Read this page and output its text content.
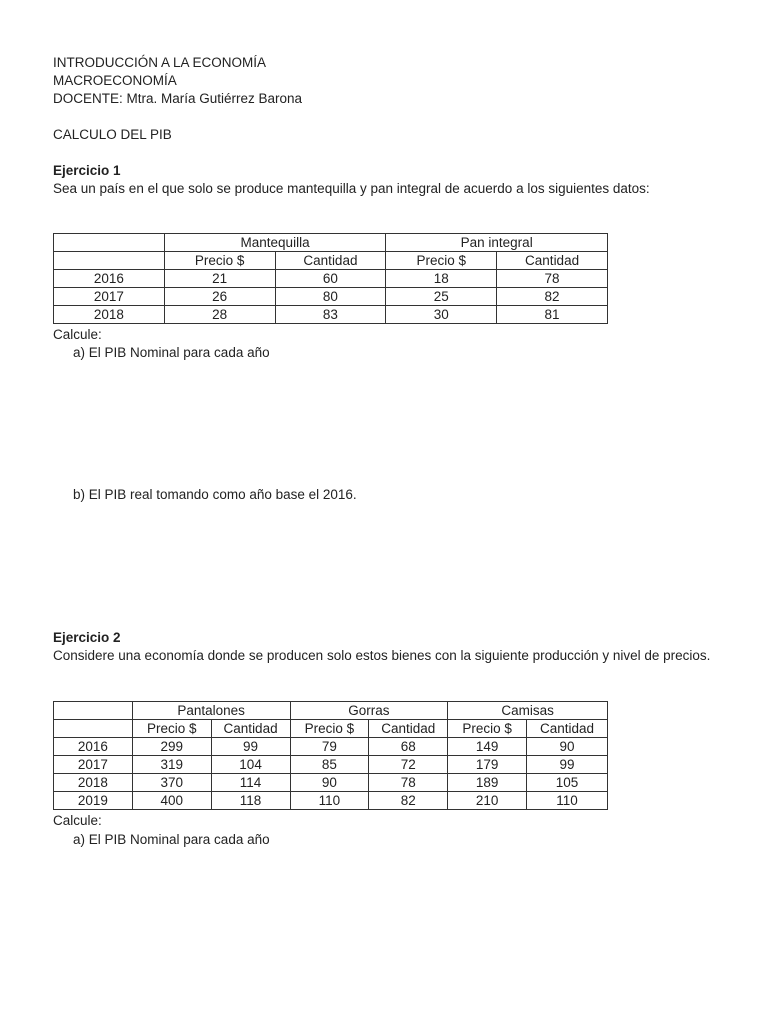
INTRODUCCIÓN A LA ECONOMÍA
MACROECONOMÍA
DOCENTE: Mtra. María Gutiérrez Barona
CALCULO DEL PIB
Ejercicio 1
Sea un país en el que solo se produce mantequilla y pan integral de acuerdo a los siguientes datos:
	Mantequilla		Pan integral	
	Precio $	Cantidad	Precio $	Cantidad
2016	21	60	18	78
2017	26	80	25	82
2018	28	83	30	81
Calcule:
a) El PIB Nominal para cada año
b) El PIB real tomando como año base el 2016.
Ejercicio 2
Considere una economía donde se producen solo estos bienes con la siguiente producción y nivel de precios.
	Pantalones		Gorras		Camisas	
	Precio $	Cantidad	Precio $	Cantidad	Precio $	Cantidad
2016	299	99	79	68	149	90
2017	319	104	85	72	179	99
2018	370	114	90	78	189	105
2019	400	118	110	82	210	110
Calcule:
a) El PIB Nominal para cada año
